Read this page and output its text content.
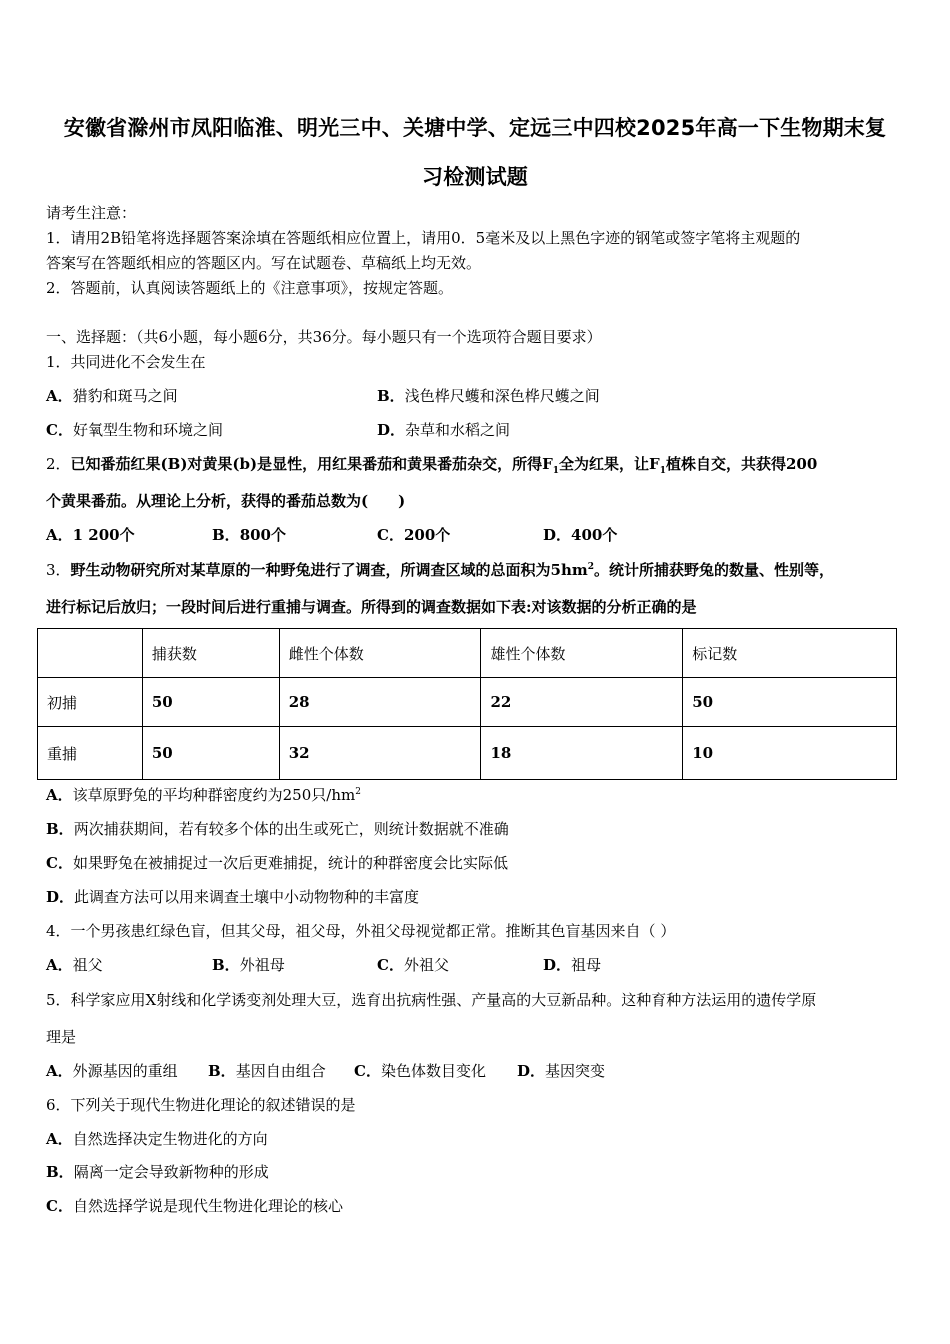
安徽省滁州市凤阳临淮、明光三中、关塘中学、定远三中四校2025年高一下生物期末复
习检测试题
请考生注意：
1．请用2B铅笔将选择题答案涂填在答题纸相应位置上，请用0．5毫米及以上黑色字迹的钢笔或签字笔将主观题的
答案写在答题纸相应的答题区内。写在试题卷、草稿纸上均无效。
2．答题前，认真阅读答题纸上的《注意事项》，按规定答题。
一、选择题：（共6小题，每小题6分，共36分。每小题只有一个选项符合题目要求）
1．共同进化不会发生在
A．猎豹和斑马之间	B．浅色桦尺蠖和深色桦尺蠖之间
C．好氧型生物和环境之间	D．杂草和水稻之间
2．已知番茄红果(B)对黄果(b)是显性，用红果番茄和黄果番茄杂交，所得$F_1$全为红果，让$F_1$植株自交，共获得200
个黄果番茄。从理论上分析，获得的番茄总数为(　　)
A．1 200个	B．800个	C．200个	D．400个
3．野生动物研究所对某草原的一种野兔进行了调查，所调查区域的总面积为$5hm^2$。统计所捕获野兔的数量、性别等，
进行标记后放归；一段时间后进行重捕与调查。所得到的调查数据如下表:对该数据的分析正确的是
	捕获数	雌性个体数	雄性个体数	标记数
初捕	50	28	22	50
重捕	50	32	18	10
A．该草原野兔的平均种群密度约为250只$/hm^2$
B．两次捕获期间，若有较多个体的出生或死亡，则统计数据就不准确
C．如果野兔在被捕捉过一次后更难捕捉，统计的种群密度会比实际低
D．此调查方法可以用来调查土壤中小动物物种的丰富度
4．一个男孩患红绿色盲，但其父母，祖父母，外祖父母视觉都正常。推断其色盲基因来自（ ）
A．祖父	B．外祖母	C．外祖父	D．祖母
5．科学家应用X射线和化学诱变剂处理大豆，选育出抗病性强、产量高的大豆新品种。这种育种方法运用的遗传学原
理是
A．外源基因的重组 B．基因自由组合 C．染色体数目变化 D．基因突变
6．下列关于现代生物进化理论的叙述错误的是
A．自然选择决定生物进化的方向
B．隔离一定会导致新物种的形成
C．自然选择学说是现代生物进化理论的核心
